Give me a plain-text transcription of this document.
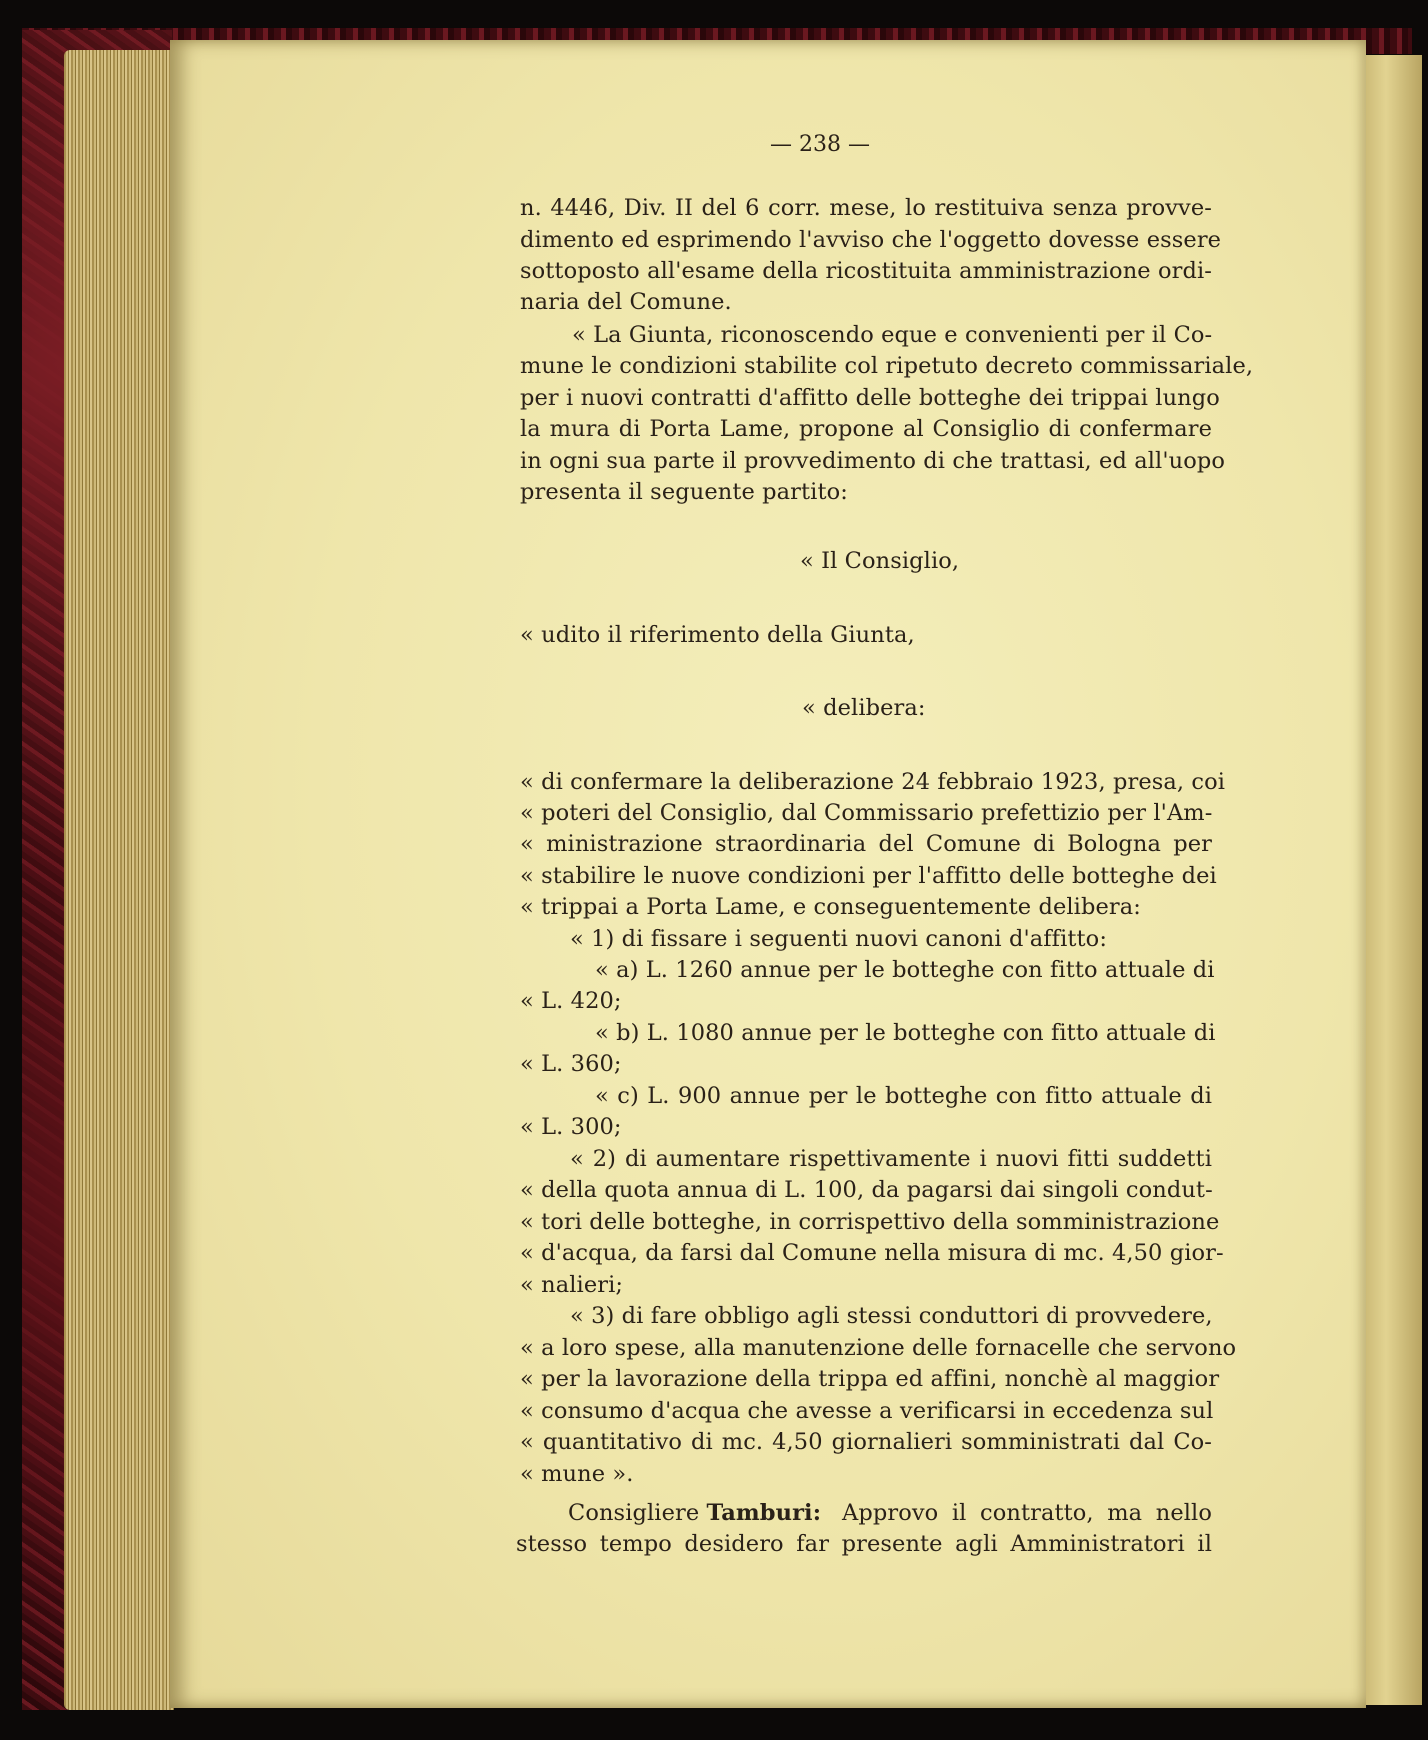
— 238 —
n. 4446, Div. II del 6 corr. mese, lo restituiva senza provve-
dimento ed esprimendo l'avviso che l'oggetto dovesse essere
sottoposto all'esame della ricostituita amministrazione ordi-
naria del Comune.
« La Giunta, riconoscendo eque e convenienti per il Co-
mune le condizioni stabilite col ripetuto decreto commissariale,
per i nuovi contratti d'affitto delle botteghe dei trippai lungo
la mura di Porta Lame, propone al Consiglio di confermare
in ogni sua parte il provvedimento di che trattasi, ed all'uopo
presenta il seguente partito:
« Il Consiglio,
« udito il riferimento della Giunta,
« delibera:
« di confermare la deliberazione 24 febbraio 1923, presa, coi
« poteri del Consiglio, dal Commissario prefettizio per l'Am-
« ministrazione straordinaria del Comune di Bologna per
« stabilire le nuove condizioni per l'affitto delle botteghe dei
« trippai a Porta Lame, e conseguentemente delibera:
« 1) di fissare i seguenti nuovi canoni d'affitto:
« a) L. 1260 annue per le botteghe con fitto attuale di
« L. 420;
« b) L. 1080 annue per le botteghe con fitto attuale di
« L. 360;
« c) L. 900 annue per le botteghe con fitto attuale di
« L. 300;
« 2) di aumentare rispettivamente i nuovi fitti suddetti
« della quota annua di L. 100, da pagarsi dai singoli condut-
« tori delle botteghe, in corrispettivo della somministrazione
« d'acqua, da farsi dal Comune nella misura di mc. 4,50 gior-
« nalieri;
« 3) di fare obbligo agli stessi conduttori di provvedere,
« a loro spese, alla manutenzione delle fornacelle che servono
« per la lavorazione della trippa ed affini, nonchè al maggior
« consumo d'acqua che avesse a verificarsi in eccedenza sul
« quantitativo di mc. 4,50 giornalieri somministrati dal Co-
« mune ».
Consigliere Tamburi: Approvo il contratto, ma nello
stesso tempo desidero far presente agli Amministratori il
